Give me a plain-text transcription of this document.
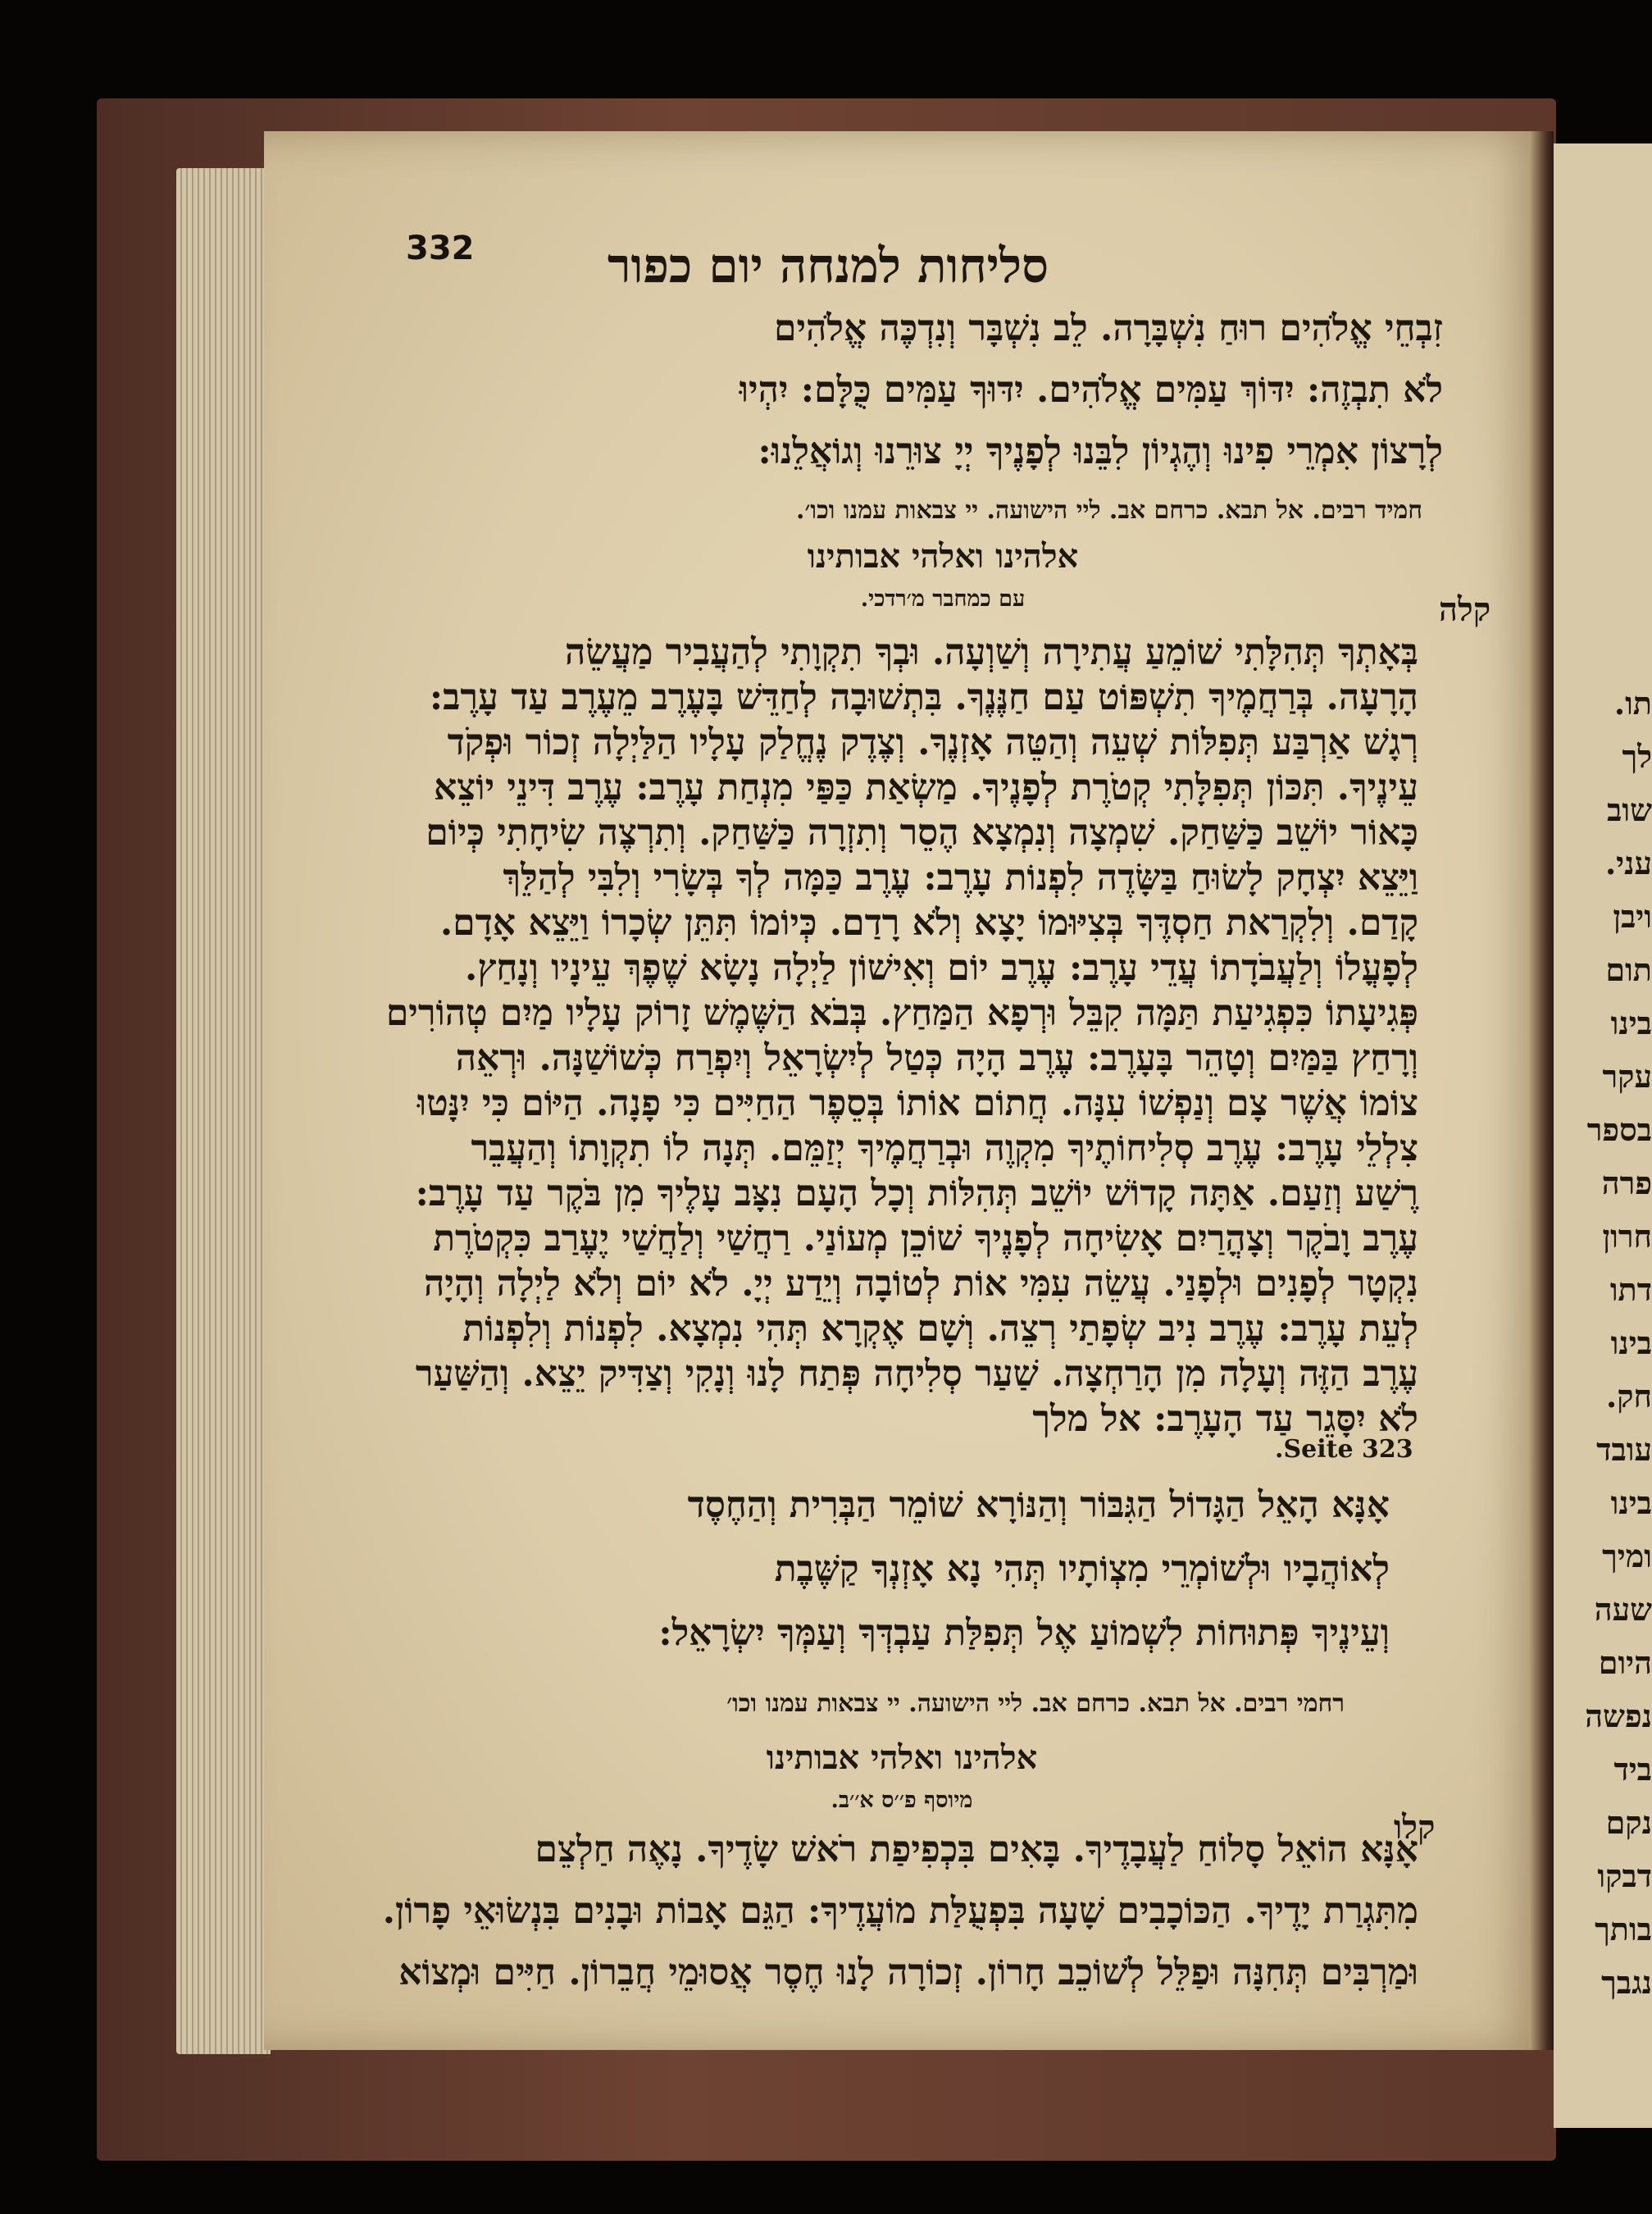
תו.
לך
שוב
עני.
ויבן
תום
בינו
עקר
בספר
פרה
חרון
דתו
בינו
חק.
עובד
בינו
ומיך
שעה
היום
נפשה
ביד
נקם
דבקו
בותך
נגבך
332	סליחות למנחה יום כפור
זִבְחֵי אֱלֹהִים רוּחַ נִשְׁבָּרָה. לֵב נִשְׁבָּר וְנִדְכֶּה אֱלֹהִים
לֹא תִבְזֶה: יִדּוֹךְ עַמִּים אֱלֹהִים. יִדּוּךָ עַמִּים כֻּלָּם: יִהְיוּ
לְרָצוֹן אִמְרֵי פִינוּ וְהֶגְיוֹן לִבֵּנוּ לְפָנֶיךָ יְיָ צוּרֵנוּ וְגוֹאֲלֵנוּ:
חמיד רבים. אל תבא. כרחם אב. ליי הישועה. יי צבאות עמנו וכו׳.
אלהינו ואלהי אבותינו
עם כמחבר מ׳רדכי.	קלה
בְּאָתְךָ תְּהִלָּתִי שׁוֹמֵעַ עֲתִירָה וְשַׁוְעָה. וּבְךָ תִקְוָתִי לְהַעֲבִיר מַעֲשֵׂה
הָרָעָה. בְּרַחֲמֶיךָ תִשְׁפּוֹט עַם חַנֶּנֶךָ. בִּתְשׁוּבָה לְחַדֵּשׁ בָּעֶרֶב מֵעֶרֶב עַד עָרֶב:
רְגָשׁ אַרְבַּע תְּפִלּוֹת שְׁעֵה וְהַטֵּה אָזְנֶךָ. וְצֶדֶק נֶחֱלַק עָלָיו הַלַּיְלָה זְכוֹר וּפְקֹד
עֵינֶיךָ. תִּכּוֹן תְּפִלָּתִי קְטֹרֶת לְפָנֶיךָ. מַשְׂאַת כַּפַּי מִנְחַת עָרֶב: עֶרֶב דִּינֵי יוֹצֵא
כָּאוֹר יוֹשֵׁב כַּשַּׁחַק. שִׁמְצָה וְנִמְצָא הֶסֵר וְתִזְרָה כַּשַּׁחַק. וְתִרְצֶה שִׂיחָתִי כְּיוֹם
וַיֵּצֵא יִצְחָק לָשׂוּחַ בַּשָּׂדֶה לִפְנוֹת עָרֶב: עֶרֶב כַּמָּה לְךָ בְּשָׂרִי וְלִבִּי לְהַלֵּךְ
קָדַם. וְלִקְרַאת חַסְדֶּךָ בְּצִיּוּמוֹ יָצָא וְלֹא רָדַם. כְּיוֹמוֹ תִּתֵּן שְׂכָרוֹ וַיֵּצֵא אָדָם.
לְפָעֳלוֹ וְלַעֲבֹדָתוֹ עֲדֵי עָרֶב: עֶרֶב יוֹם וְאִישׁוֹן לַיְלָה נָשָׂא שֶׁפֶךְ עֵינָיו וְנָחַץ.
פְּגִיעָתוֹ כִּפְגִיעַת תַּמָּה קִבֵּל וּרְפָא הַמַּחַץ. בְּבֹא הַשֶּׁמֶשׁ זָרוֹק עָלָיו מַיִם טְהוֹרִים
וְרָחַץ בַּמַּיִם וְטָהֵר בָּעָרֶב: עֶרֶב הָיָה כְּטַל לְיִשְׂרָאֵל וְיִפְרַח כְּשׁוֹשַׁנָּה. וּרְאֵה
צוֹמוֹ אֲשֶׁר צָם וְנַפְשׁוֹ עִנָּה. חֲתוֹם אוֹתוֹ בְּסֵפֶר הַחַיִּים כִּי פָנָה. הַיּוֹם כִּי יִנָּטוּ
צִלְלֵי עָרֶב: עֶרֶב סְלִיחוֹתֶיךָ מִקְוֶה וּבְרַחֲמֶיךָ יְזַמֵּם. תְּנָה לוֹ תִקְוָתוֹ וְהַעֲבֵר
רֶשַׁע וְזַעַם. אַתָּה קָדוֹשׁ יוֹשֵׁב תְּהִלּוֹת וְכָל הָעָם נִצָּב עָלֶיךָ מִן בֹּקֶר עַד עָרֶב:
עֶרֶב וָבֹקֶר וְצָהֳרַיִם אָשִׂיחָה לְפָנֶיךָ שׁוֹכֵן מְעוֹנַי. רַחֲשַׁי וְלַחֲשַׁי יֶעֶרַב כִּקְטֹרֶת
נִקְטָר לְפָנִים וּלְפָנַי. עֲשֵׂה עִמִּי אוֹת לְטוֹבָה וְיֵדַע יְיָ. לֹא יוֹם וְלֹא לַיְלָה וְהָיָה
לְעֵת עָרֶב: עֶרֶב נִיב שְׂפָתַי רְצֵה. וְשָׁם אֶקְרָא תְּהִי נִמְצָא. לִפְנוֹת וְלִפְנוֹת
עֶרֶב הַזֶּה וְעָלָה מִן הָרַחְצָה. שַׁעַר סְלִיחָה פְּתַח לָנוּ וְנָקִי וְצַדִּיק יֵצֵא. וְהַשַּׁעַר
לֹא יִסָּגֵר עַד הָעָרֶב: אל מלך
Seite 323.
אָנָּא הָאֵל הַגָּדוֹל הַגִּבּוֹר וְהַנּוֹרָא שׁוֹמֵר הַבְּרִית וְהַחֶסֶד
לְאוֹהֲבָיו וּלְשׁוֹמְרֵי מִצְוֹתָיו תְּהִי נָא אָזְנְךָ קַשֶּׁבֶת
וְעֵינֶיךָ פְּתוּחוֹת לִשְׁמוֹעַ אֶל תְּפִלַּת עַבְדְּךָ וְעַמְּךָ יִשְׂרָאֵל:
רחמי רבים. אל תבא. כרחם אב. ליי הישועה. יי צבאות עמנו וכו׳
אלהינו ואלהי אבותינו
מיוסף פ׳׳ס א׳׳ב.
קלו
אָנָּא הוֹאֵל סָלוֹחַ לַעֲבָדֶיךָ. בָּאִים בִּכְפִיפַת רֹאשׁ שָׂדֶיךָ. נָאֶה חַלְצֵם
מִתִּגְרַת יָדֶיךָ. הַכּוֹכָבִים שָׁעָה בִּפְעֻלַּת מוֹעֲדֶיךָ: הַגֵּם אָבוֹת וּבָנִים בִּנְשׂוּאֵי פָרוֹן.
וּמַרְבִּים תְּחִנָּה וּפַלֵּל לְשׁוֹכֵב חָרוֹן. זְכוֹרָה לָנוּ חֶסֶר אֲסוּמֵי חֲבֵרוֹן. חַיִּים וּמְצוֹא
